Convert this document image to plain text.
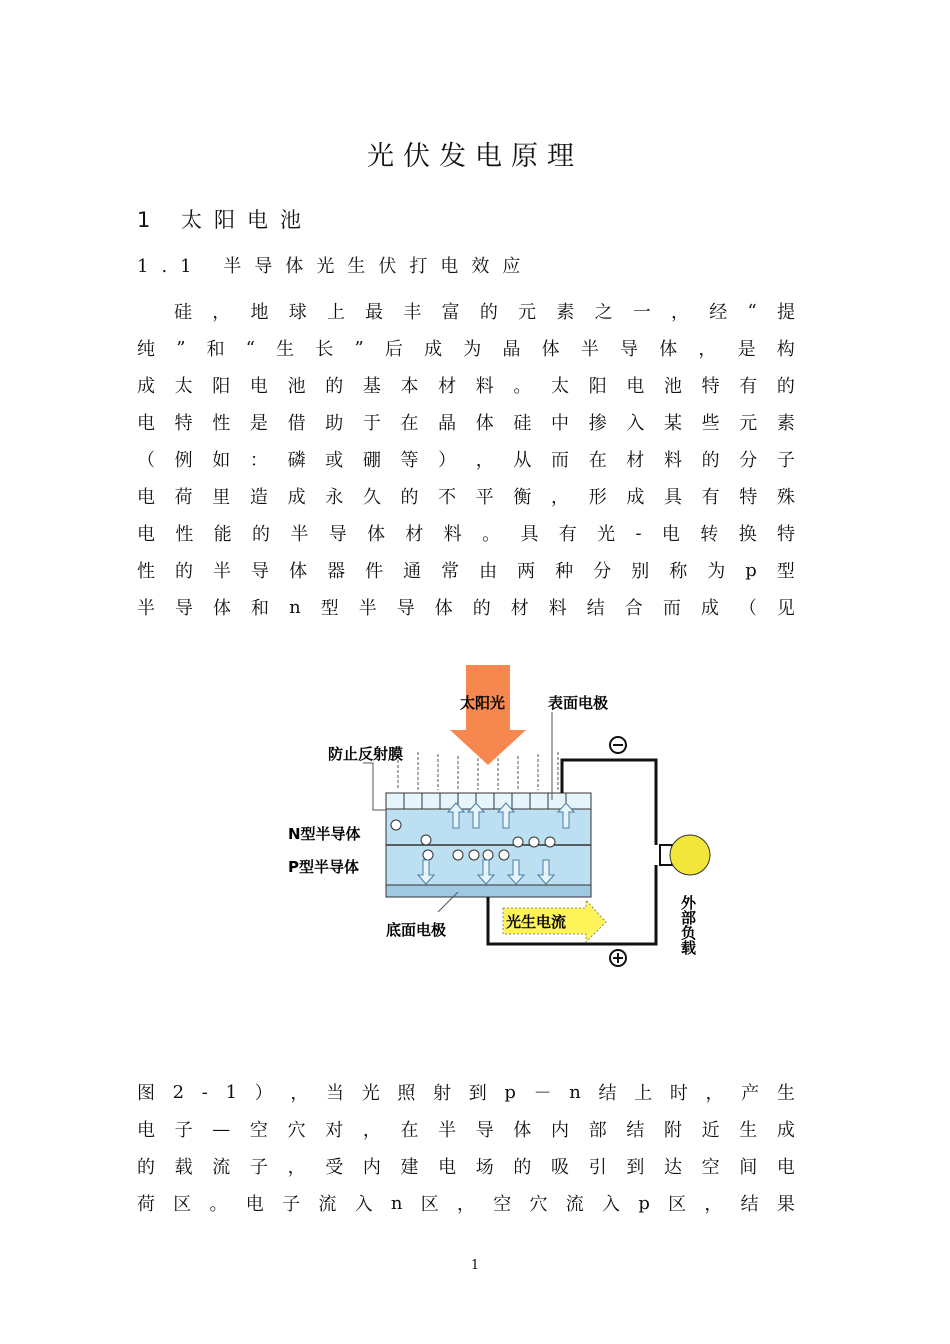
光伏发电原理
1 太阳电池
1.1 半导体光生伏打电效应
硅 ， 地 球 上 最 丰 富 的 元 素 之 一 ， 经 “ 提
纯 ” 和 “ 生 长 ” 后 成 为 晶 体 半 导 体 ， 是 构
成 太 阳 电 池 的 基 本 材 料 。 太 阳 电 池 特 有 的
电 特 性 是 借 助 于 在 晶 体 硅 中 掺 入 某 些 元 素
（ 例 如 ： 磷 或 硼 等 ） ， 从 而 在 材 料 的 分 子
电 荷 里 造 成 永 久 的 不 平 衡 ， 形 成 具 有 特 殊
电 性 能 的 半 导 体 材 料 。 具 有 光 - 电 转 换 特
性 的 半 导 体 器 件 通 常 由 两 种 分 别 称 为 p 型
半 导 体 和 n 型 半 导 体 的 材 料 结 合 而 成 （ 见
太阳光	表面电极
防止反射膜
N型半导体
P型半导体
底面电极	光生电流	外部负载
图 2 - 1 ） ， 当 光 照 射 到 p － n 结 上 时 ， 产 生
电 子 — 空 穴 对 ， 在 半 导 体 内 部 结 附 近 生 成
的 载 流 子 ， 受 内 建 电 场 的 吸 引 到 达 空 间 电
荷 区 。 电 子 流 入 n 区 ， 空 穴 流 入 p 区 ， 结 果
1
